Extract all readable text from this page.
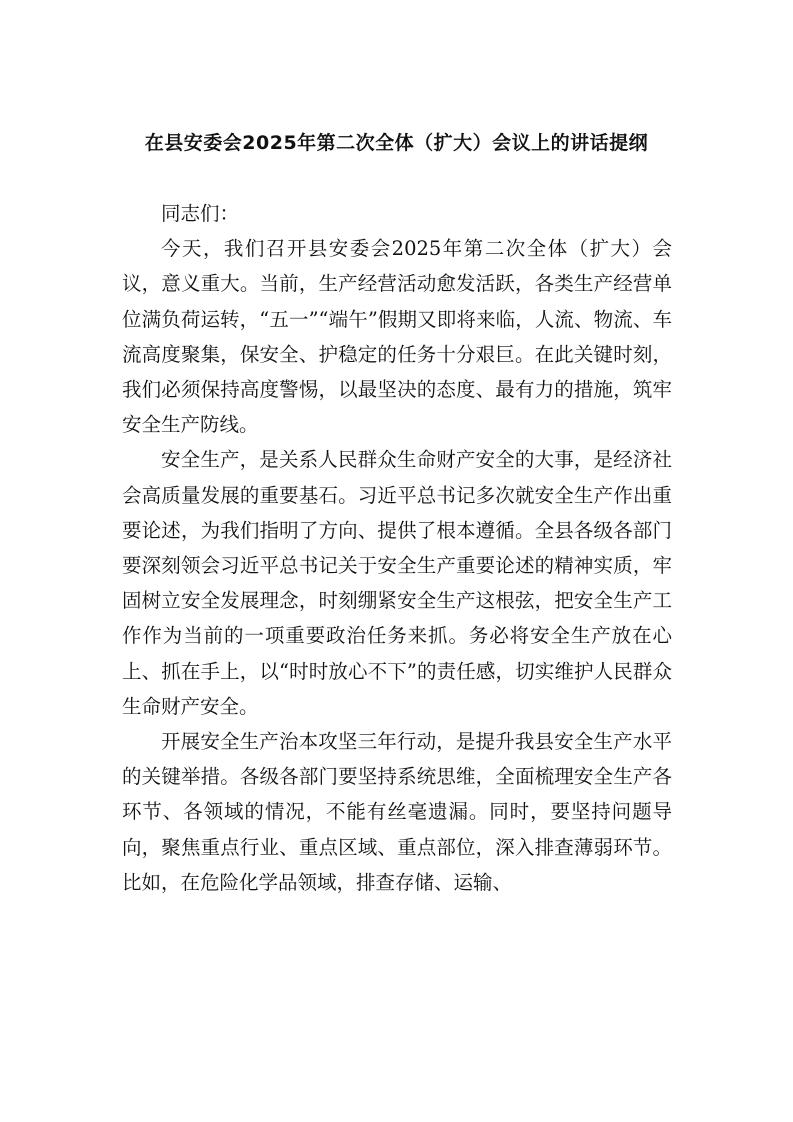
在县安委会2025年第二次全体（扩大）会议上的讲话提纲

同志们：

今天，我们召开县安委会2025年第二次全体（扩大）会议，意义重大。当前，生产经营活动愈发活跃，各类生产经营单位满负荷运转，“五一”“端午”假期又即将来临，人流、物流、车流高度聚集，保安全、护稳定的任务十分艰巨。在此关键时刻，我们必须保持高度警惕，以最坚决的态度、最有力的措施，筑牢安全生产防线。

安全生产，是关系人民群众生命财产安全的大事，是经济社会高质量发展的重要基石。习近平总书记多次就安全生产作出重要论述，为我们指明了方向、提供了根本遵循。全县各级各部门要深刻领会习近平总书记关于安全生产重要论述的精神实质，牢固树立安全发展理念，时刻绷紧安全生产这根弦，把安全生产工作作为当前的一项重要政治任务来抓。务必将安全生产放在心上、抓在手上，以“时时放心不下”的责任感，切实维护人民群众生命财产安全。

开展安全生产治本攻坚三年行动，是提升我县安全生产水平的关键举措。各级各部门要坚持系统思维，全面梳理安全生产各环节、各领域的情况，不能有丝毫遗漏。同时，要坚持问题导向，聚焦重点行业、重点区域、重点部位，深入排查薄弱环节。比如，在危险化学品领域，排查存储、运输、
